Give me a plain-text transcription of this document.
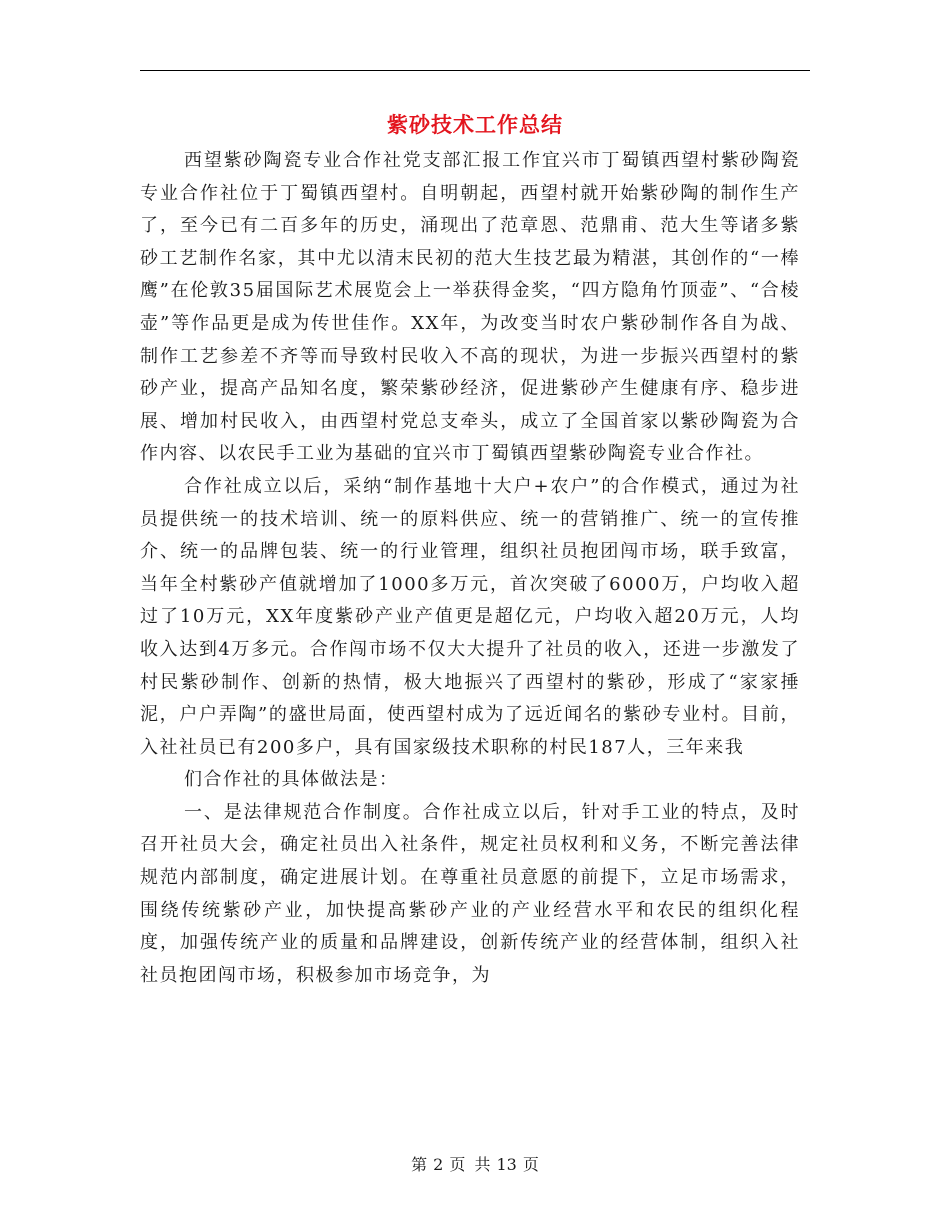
紫砂技术工作总结

西望紫砂陶瓷专业合作社党支部汇报工作宜兴市丁蜀镇西望村紫砂陶瓷专业合作社位于丁蜀镇西望村。自明朝起，西望村就开始紫砂陶的制作生产了，至今已有二百多年的历史，涌现出了范章恩、范鼎甫、范大生等诸多紫砂工艺制作名家，其中尤以清末民初的范大生技艺最为精湛，其创作的“一棒鹰”在伦敦35届国际艺术展览会上一举获得金奖，“四方隐角竹顶壶”、“合棱壶”等作品更是成为传世佳作。XX年，为改变当时农户紫砂制作各自为战、制作工艺参差不齐等而导致村民收入不高的现状，为进一步振兴西望村的紫砂产业，提高产品知名度，繁荣紫砂经济，促进紫砂产生健康有序、稳步进展、增加村民收入，由西望村党总支牵头，成立了全国首家以紫砂陶瓷为合作内容、以农民手工业为基础的宜兴市丁蜀镇西望紫砂陶瓷专业合作社。

合作社成立以后，采纳“制作基地十大户+农户”的合作模式，通过为社员提供统一的技术培训、统一的原料供应、统一的营销推广、统一的宣传推介、统一的品牌包装、统一的行业管理，组织社员抱团闯市场，联手致富，当年全村紫砂产值就增加了1000多万元，首次突破了6000万，户均收入超过了10万元，XX年度紫砂产业产值更是超亿元，户均收入超20万元，人均收入达到4万多元。合作闯市场不仅大大提升了社员的收入，还进一步激发了村民紫砂制作、创新的热情，极大地振兴了西望村的紫砂，形成了“家家捶泥，户户弄陶”的盛世局面，使西望村成为了远近闻名的紫砂专业村。目前，入社社员已有200多户，具有国家级技术职称的村民187人，三年来我

们合作社的具体做法是：

一、是法律规范合作制度。合作社成立以后，针对手工业的特点，及时召开社员大会，确定社员出入社条件，规定社员权利和义务，不断完善法律规范内部制度，确定进展计划。在尊重社员意愿的前提下，立足市场需求，围绕传统紫砂产业，加快提高紫砂产业的产业经营水平和农民的组织化程度，加强传统产业的质量和品牌建设，创新传统产业的经营体制，组织入社社员抱团闯市场，积极参加市场竞争，为

第 2 页 共 13 页
